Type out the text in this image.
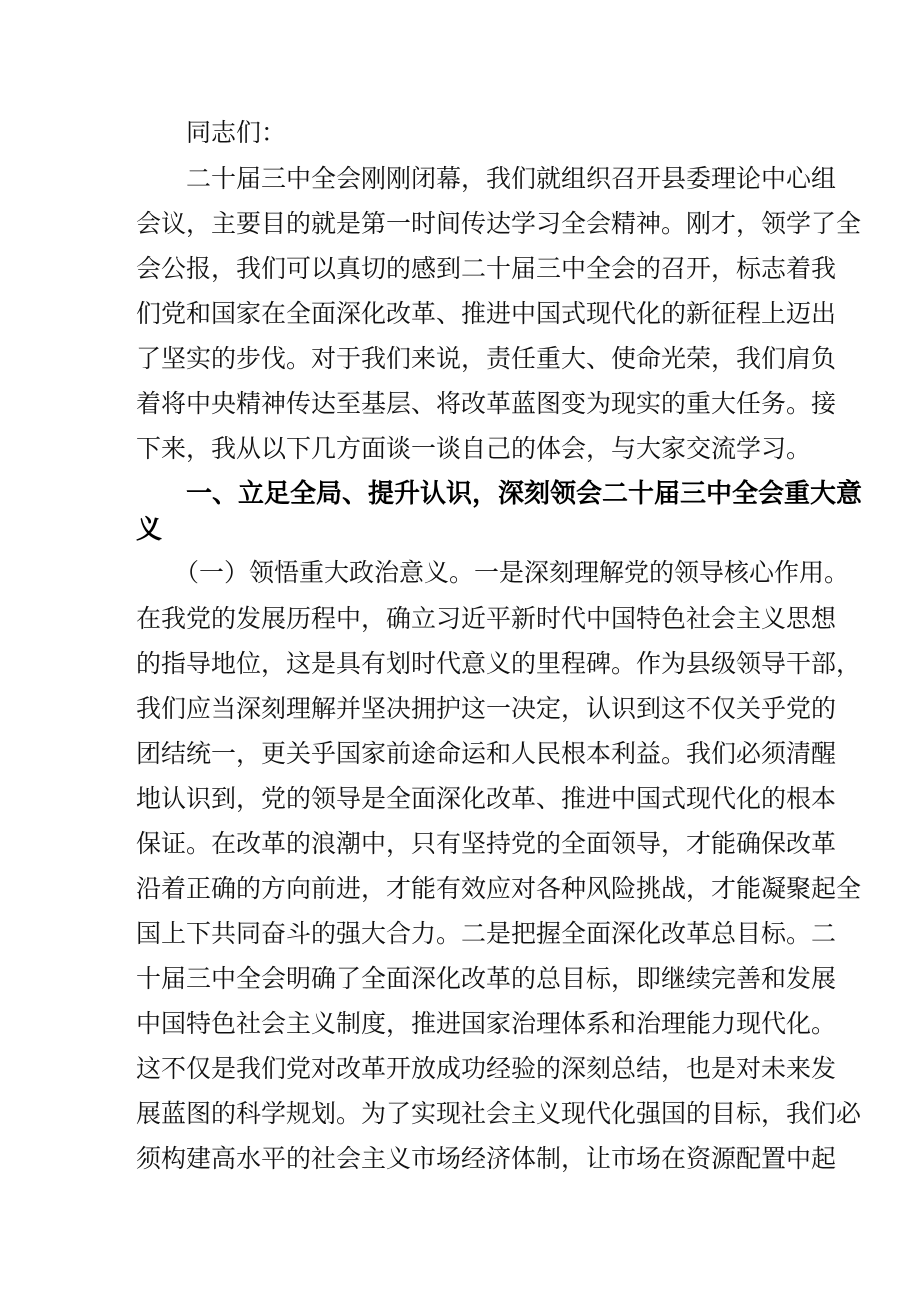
同志们：
二十届三中全会刚刚闭幕，我们就组织召开县委理论中心组
会议，主要目的就是第一时间传达学习全会精神。刚才，领学了全
会公报，我们可以真切的感到二十届三中全会的召开，标志着我
们党和国家在全面深化改革、推进中国式现代化的新征程上迈出
了坚实的步伐。对于我们来说，责任重大、使命光荣，我们肩负
着将中央精神传达至基层、将改革蓝图变为现实的重大任务。接
下来，我从以下几方面谈一谈自己的体会，与大家交流学习。
一、立足全局、提升认识，深刻领会二十届三中全会重大意
义
（一）领悟重大政治意义。一是深刻理解党的领导核心作用。
在我党的发展历程中，确立习近平新时代中国特色社会主义思想
的指导地位，这是具有划时代意义的里程碑。作为县级领导干部，
我们应当深刻理解并坚决拥护这一决定，认识到这不仅关乎党的
团结统一，更关乎国家前途命运和人民根本利益。我们必须清醒
地认识到，党的领导是全面深化改革、推进中国式现代化的根本
保证。在改革的浪潮中，只有坚持党的全面领导，才能确保改革
沿着正确的方向前进，才能有效应对各种风险挑战，才能凝聚起全
国上下共同奋斗的强大合力。二是把握全面深化改革总目标。二
十届三中全会明确了全面深化改革的总目标，即继续完善和发展
中国特色社会主义制度，推进国家治理体系和治理能力现代化。
这不仅是我们党对改革开放成功经验的深刻总结，也是对未来发
展蓝图的科学规划。为了实现社会主义现代化强国的目标，我们必
须构建高水平的社会主义市场经济体制，让市场在资源配置中起
